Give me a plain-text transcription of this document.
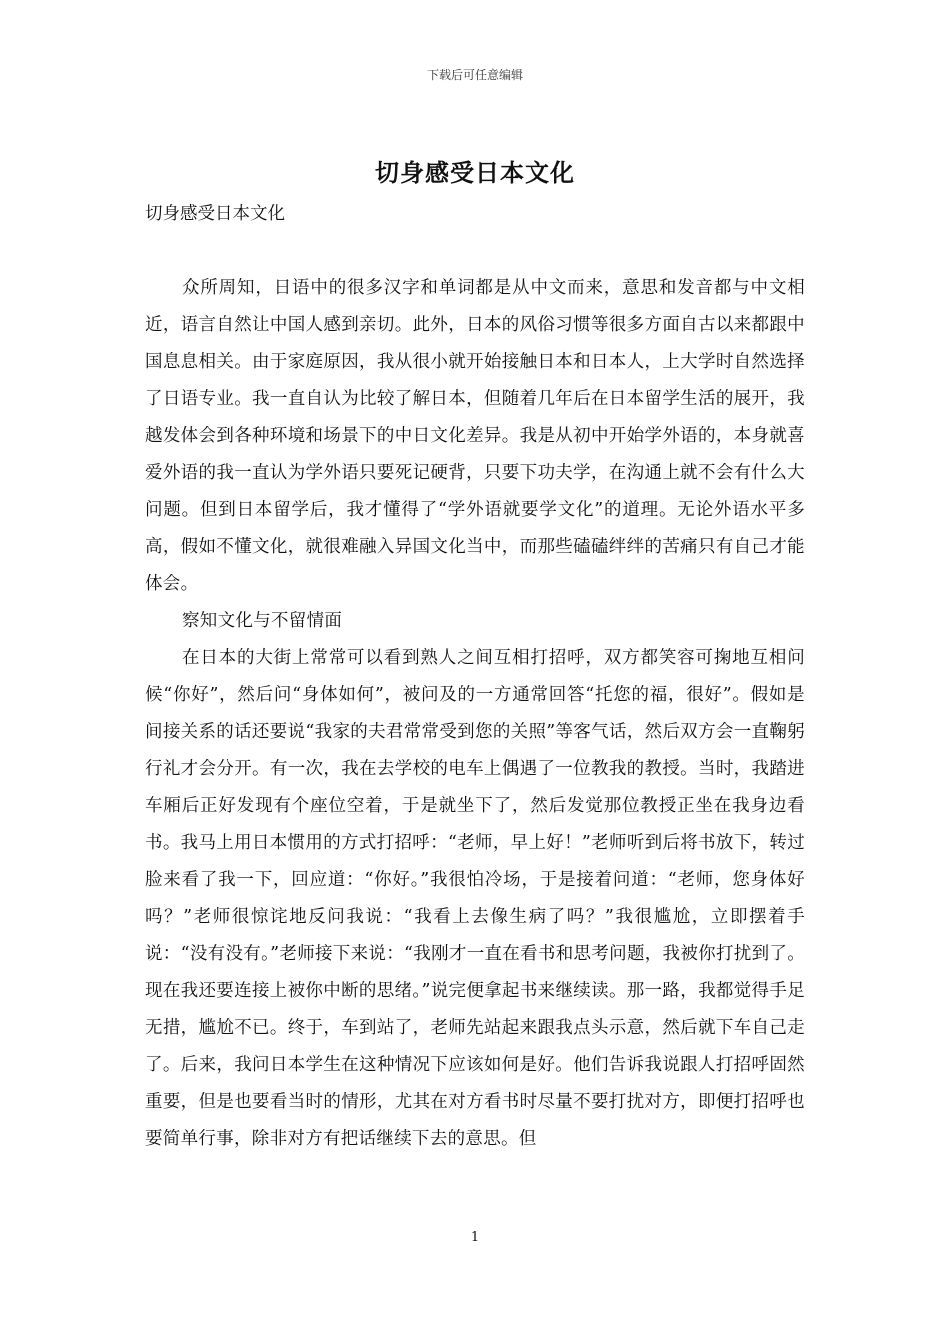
下载后可任意编辑
切身感受日本文化
切身感受日本文化

众所周知，日语中的很多汉字和单词都是从中文而来，意思和发音都与中文相近，语言自然让中国人感到亲切。此外，日本的风俗习惯等很多方面自古以来都跟中国息息相关。由于家庭原因，我从很小就开始接触日本和日本人，上大学时自然选择了日语专业。我一直自认为比较了解日本，但随着几年后在日本留学生活的展开，我越发体会到各种环境和场景下的中日文化差异。我是从初中开始学外语的，本身就喜爱外语的我一直认为学外语只要死记硬背，只要下功夫学，在沟通上就不会有什么大问题。但到日本留学后，我才懂得了“学外语就要学文化”的道理。无论外语水平多高，假如不懂文化，就很难融入异国文化当中，而那些磕磕绊绊的苦痛只有自己才能体会。

察知文化与不留情面

在日本的大街上常常可以看到熟人之间互相打招呼，双方都笑容可掬地互相问候“你好”，然后问“身体如何”，被问及的一方通常回答“托您的福，很好”。假如是间接关系的话还要说“我家的夫君常常受到您的关照”等客气话，然后双方会一直鞠躬行礼才会分开。有一次，我在去学校的电车上偶遇了一位教我的教授。当时，我踏进车厢后正好发现有个座位空着，于是就坐下了，然后发觉那位教授正坐在我身边看书。我马上用日本惯用的方式打招呼：“老师，早上好！”老师听到后将书放下，转过脸来看了我一下，回应道：“你好。”我很怕冷场，于是接着问道：“老师，您身体好吗？”老师很惊诧地反问我说：“我看上去像生病了吗？”我很尴尬，立即摆着手说：“没有没有。”老师接下来说：“我刚才一直在看书和思考问题，我被你打扰到了。现在我还要连接上被你中断的思绪。”说完便拿起书来继续读。那一路，我都觉得手足无措，尴尬不已。终于，车到站了，老师先站起来跟我点头示意，然后就下车自己走了。后来，我问日本学生在这种情况下应该如何是好。他们告诉我说跟人打招呼固然重要，但是也要看当时的情形，尤其在对方看书时尽量不要打扰对方，即便打招呼也要简单行事，除非对方有把话继续下去的意思。但

1
